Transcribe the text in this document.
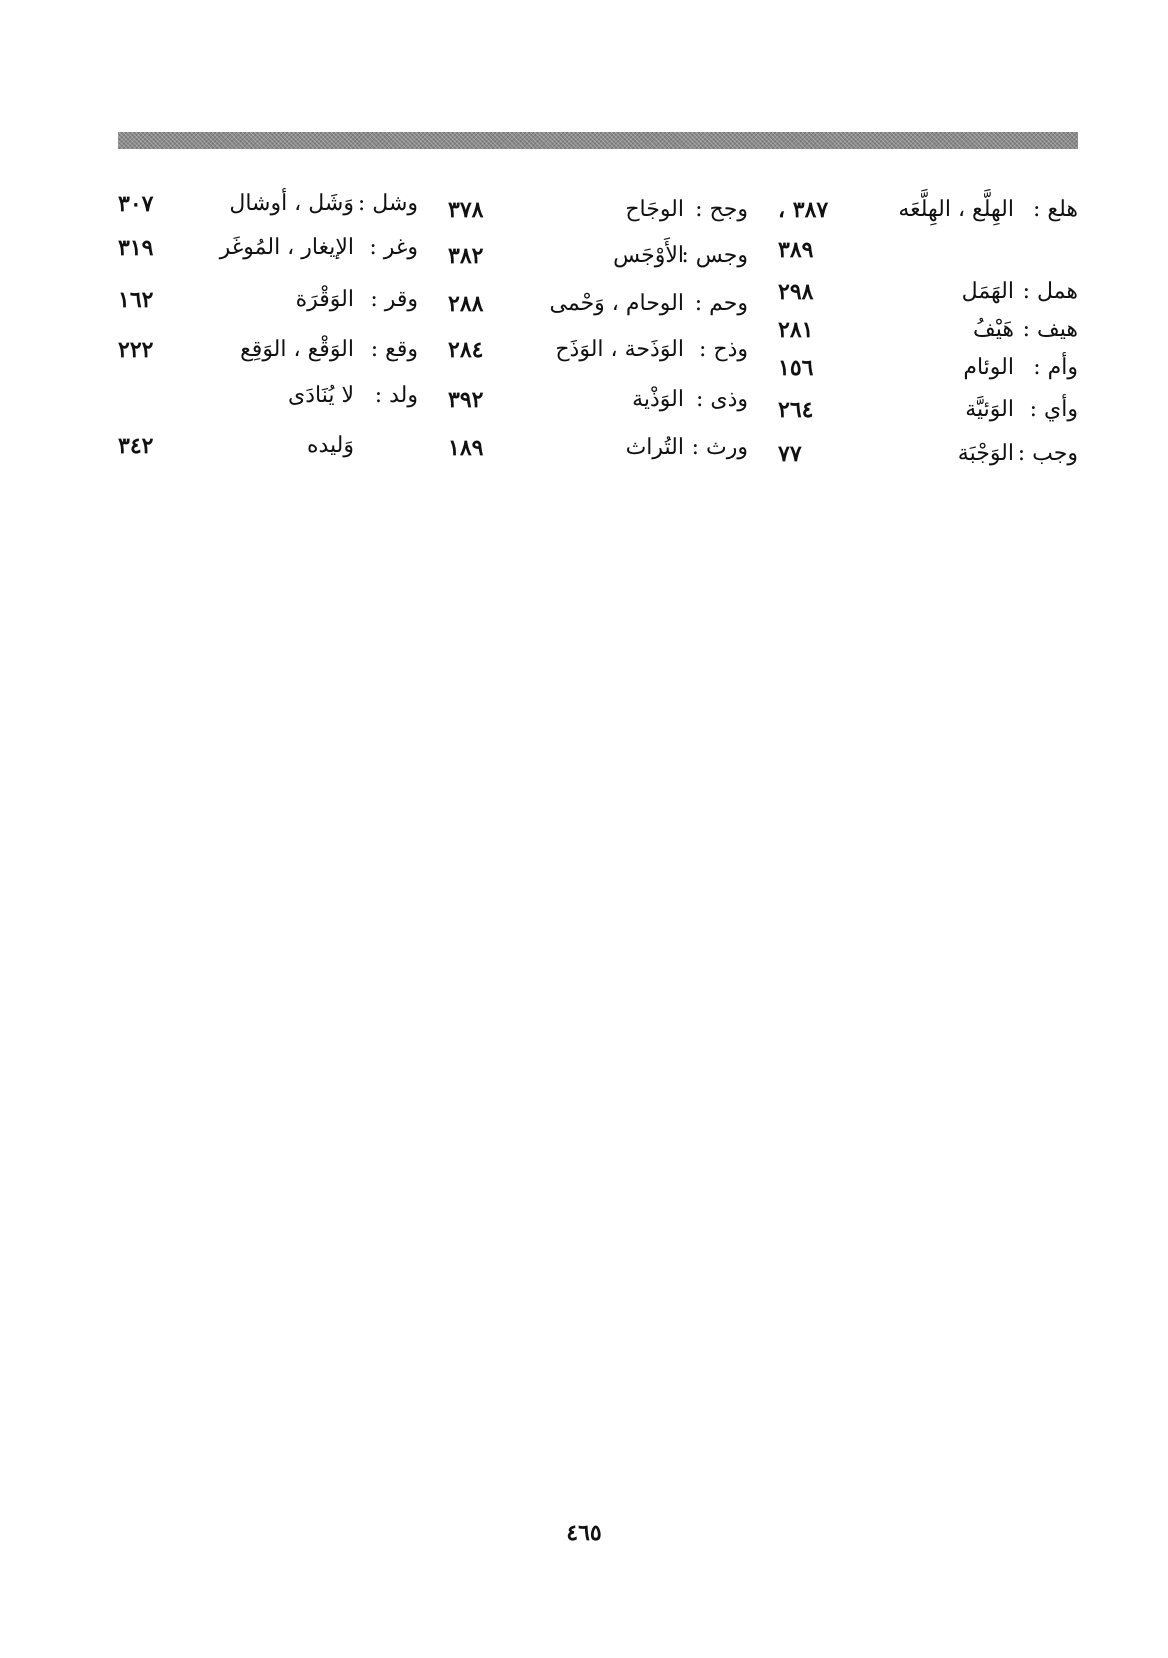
هلع :
الهِلَّع ، الهِلَّعَه
٣٨٧ ،
٣٨٩
همل :
الهَمَل
٢٩٨
هيف :
هَيْفُ
٢٨١
وأم :
الوئام
١٥٦
وأي :
الوَئيَّة
٢٦٤
وجب :
الوَجْبَة
٧٧
وجح :
الوجَاح
٣٧٨
وجس :
الأَوْجَس
٣٨٢
وحم :
الوحام ، وَحْمى
٢٨٨
وذح :
الوَذَحة ، الوَذَح
٢٨٤
وذى :
الوَذْية
٣٩٢
ورث :
التُراث
١٨٩
وشل :
وَشَل ، أوشال
٣٠٧
وغر :
الإيغار ، المُوغَر
٣١٩
وقر :
الوَقْرَة
١٦٢
وقع :
الوَقْع ، الوَقِع
٢٢٢
ولد :
لا يُنَادَى
وَليده
٣٤٢
٤٦٥
